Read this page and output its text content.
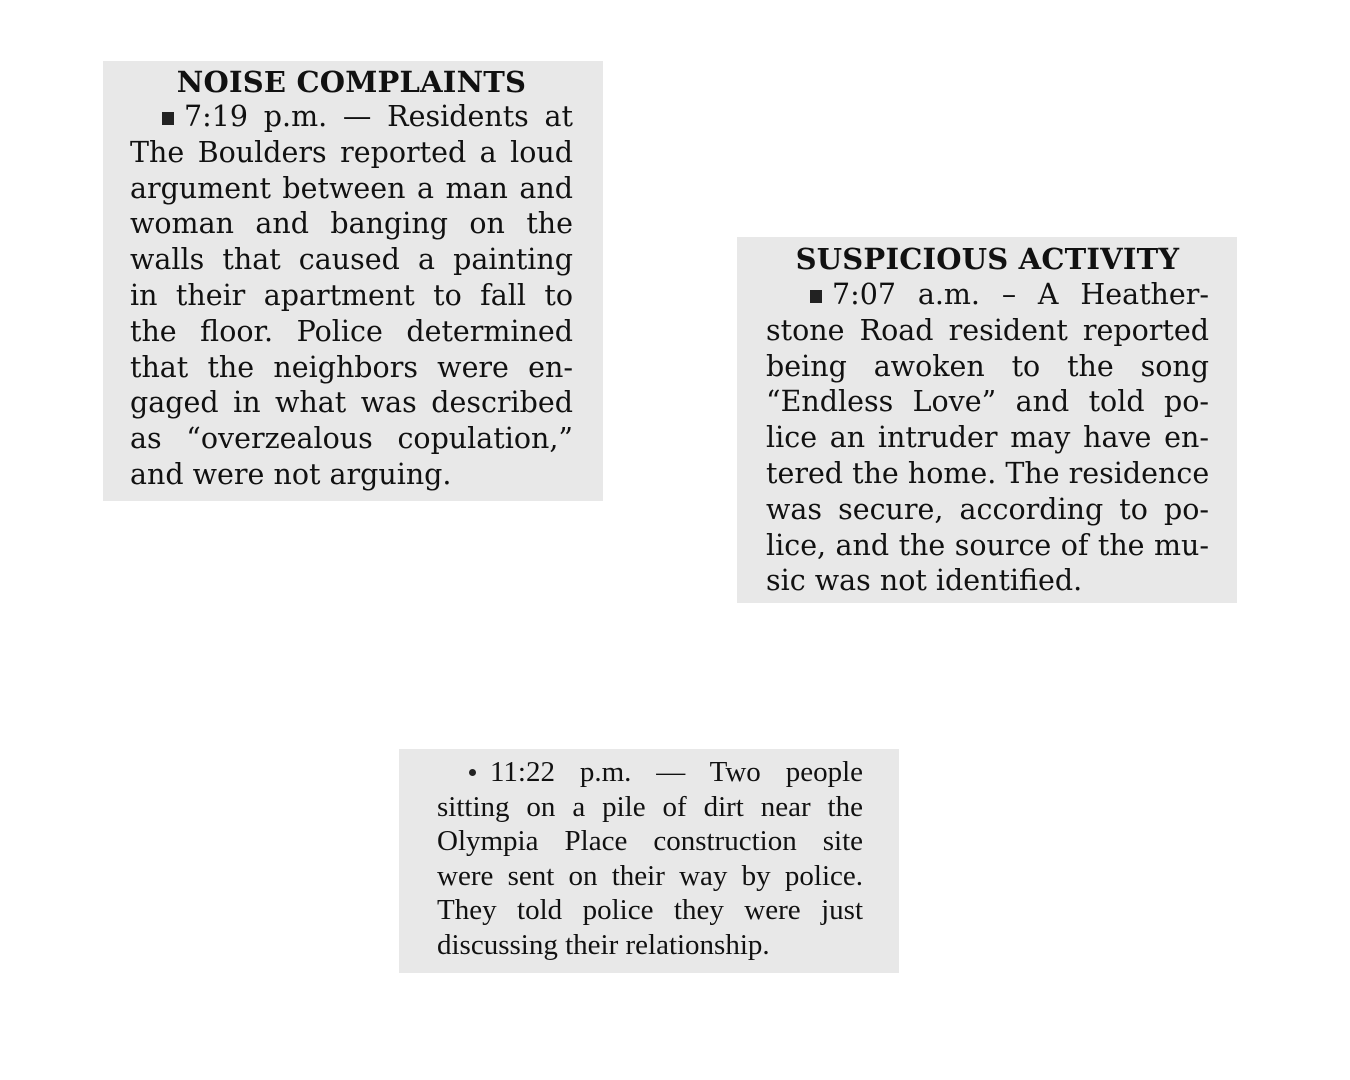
NOISE COMPLAINTS
7:19 p.m. — Residents at
The Boulders reported a loud
argument between a man and
woman and banging on the
walls that caused a painting
in their apartment to fall to
the floor. Police determined
that the neighbors were en-
gaged in what was described
as “overzealous copulation,”
and were not arguing.
SUSPICIOUS ACTIVITY
7:07 a.m. – A Heather-
stone Road resident reported
being awoken to the song
“Endless Love” and told po-
lice an intruder may have en-
tered the home. The residence
was secure, according to po-
lice, and the source of the mu-
sic was not identified.
11:22 p.m. — Two people
sitting on a pile of dirt near the
Olympia Place construction site
were sent on their way by police.
They told police they were just
discussing their relationship.
